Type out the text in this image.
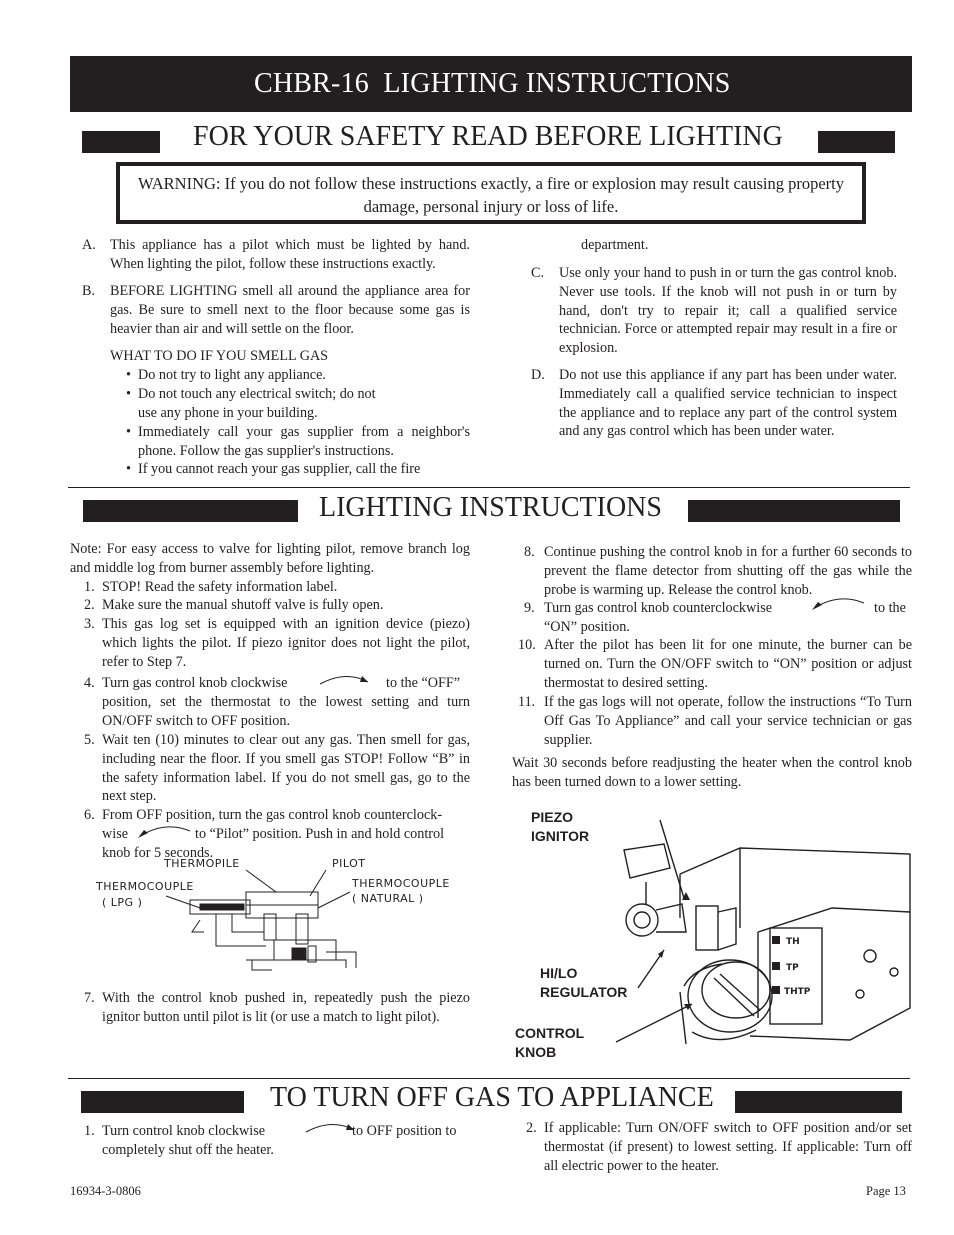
CHBR-16  LIGHTING INSTRUCTIONS
FOR YOUR SAFETY READ BEFORE LIGHTING
WARNING: If you do not follow these instructions exactly, a fire or explosion may result causing property damage, personal injury or loss of life.
A. This appliance has a pilot which must be lighted by hand. When lighting the pilot, follow these instructions exactly.
B. BEFORE LIGHTING smell all around the appliance area for gas. Be sure to smell next to the floor because some gas is heavier than air and will settle on the floor.
WHAT TO DO IF YOU SMELL GAS
• Do not try to light any appliance.
• Do not touch any electrical switch; do not use any phone in your building.
• Immediately call your gas supplier from a neighbor's phone. Follow the gas supplier's instructions.
• If you cannot reach your gas supplier, call the fire
department.
C. Use only your hand to push in or turn the gas control knob. Never use tools. If the knob will not push in or turn by hand, don't try to repair it; call a qualified service technician. Force or attempted repair may result in a fire or explosion.
D. Do not use this appliance if any part has been under water. Immediately call a qualified service technician to inspect the appliance and to replace any part of the control system and any gas control which has been under water.
LIGHTING INSTRUCTIONS
Note: For easy access to valve for lighting pilot, remove branch log and middle log from burner assembly before lighting.
1. STOP! Read the safety information label.
2. Make sure the manual shutoff valve is fully open.
3. This gas log set is equipped with an ignition device (piezo) which lights the pilot. If piezo ignitor does not light the pilot, refer to Step 7.
4. Turn gas control knob clockwise	to the “OFF”
position, set the thermostat to the lowest setting and turn ON/OFF switch to OFF position.
5. Wait ten (10) minutes to clear out any gas. Then smell for gas, including near the floor. If you smell gas STOP! Follow “B” in the safety information label. If you do not smell gas, go to the next step.
6. From OFF position, turn the gas control knob counterclock-
wise	to “Pilot” position. Push in and hold control
knob for 5 seconds.
THERMOPILE	PILOT
THERMOCOUPLE
( LPG )
THERMOCOUPLE
( NATURAL )
7. With the control knob pushed in, repeatedly push the piezo ignitor button until pilot is lit (or use a match to light pilot).
8. Continue pushing the control knob in for a further 60 seconds to prevent the flame detector from shutting off the gas while the probe is warming up. Release the control knob.
9. Turn gas control knob counterclockwise	to the
“ON” position.
10. After the pilot has been lit for one minute, the burner can be turned on. Turn the ON/OFF switch to “ON” position or adjust thermostat to desired setting.
11. If the gas logs will not operate, follow the instructions “To Turn Off Gas To Appliance” and call your service technician or gas supplier.
Wait 30 seconds before readjusting the heater when the control knob has been turned down to a lower setting.
PIEZO
IGNITOR
HI/LO
REGULATOR
CONTROL
KNOB
TH
TP
THTP
TO TURN OFF GAS TO APPLIANCE
1. Turn control knob clockwise	to OFF position to
completely shut off the heater.
2. If applicable: Turn ON/OFF switch to OFF position and/or set thermostat (if present) to lowest setting. If applicable: Turn off all electric power to the heater.
16934-3-0806	Page 13
